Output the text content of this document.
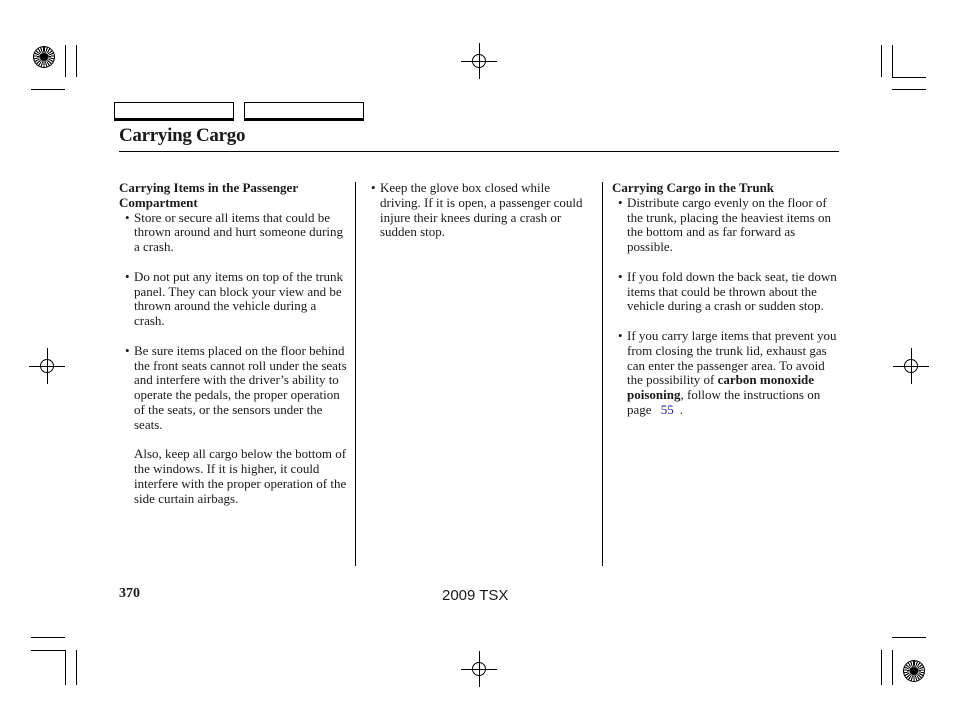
Carrying Cargo

Carrying Items in the Passenger Compartment

• Store or secure all items that could be thrown around and hurt someone during a crash.
• Do not put any items on top of the trunk panel. They can block your view and be thrown around the vehicle during a crash.
• Be sure items placed on the floor behind the front seats cannot roll under the seats and interfere with the driver’s ability to operate the pedals, the proper operation of the seats, or the sensors under the seats.

Also, keep all cargo below the bottom of the windows. If it is higher, it could interfere with the proper operation of the side curtain airbags.

• Keep the glove box closed while driving. If it is open, a passenger could injure their knees during a crash or sudden stop.

Carrying Cargo in the Trunk

• Distribute cargo evenly on the floor of the trunk, placing the heaviest items on the bottom and as far forward as possible.
• If you fold down the back seat, tie down items that could be thrown about the vehicle during a crash or sudden stop.
• If you carry large items that prevent you from closing the trunk lid, exhaust gas can enter the passenger area. To avoid the possibility of carbon monoxide poisoning, follow the instructions on page 55 .
370	2009 TSX
